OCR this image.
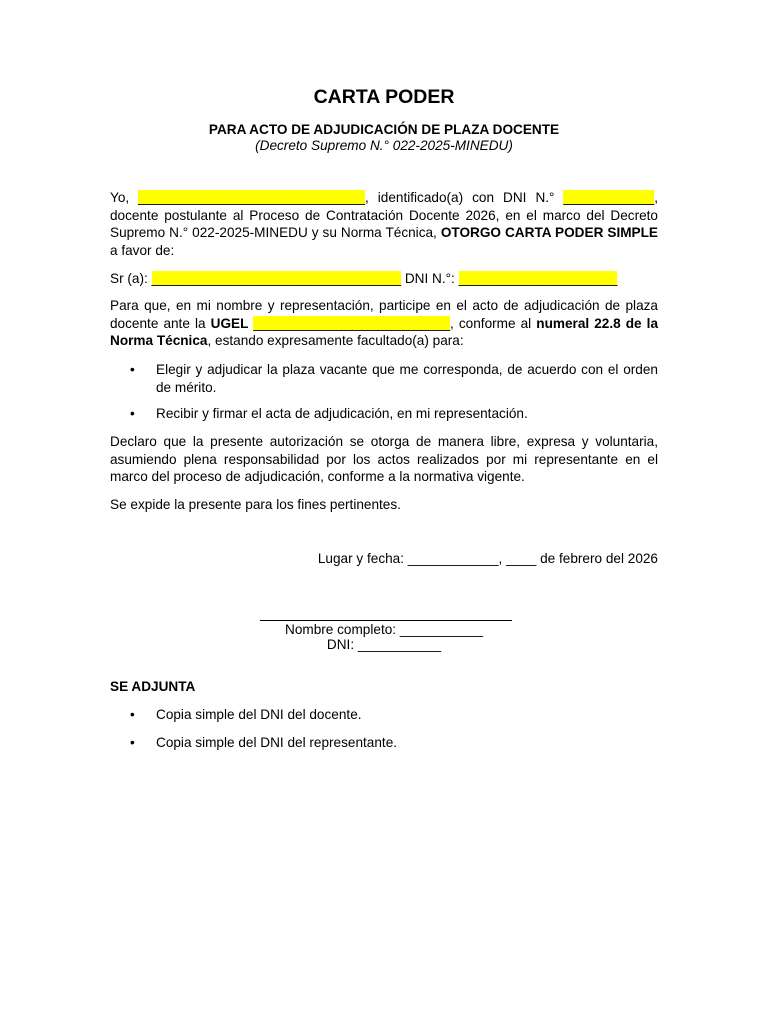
CARTA PODER
PARA ACTO DE ADJUDICACIÓN DE PLAZA DOCENTE
(Decreto Supremo N.° 022-2025-MINEDU)
Yo, ______________________________, identificado(a) con DNI N.° ____________, docente postulante al Proceso de Contratación Docente 2026, en el marco del Decreto Supremo N.° 022-2025-MINEDU y su Norma Técnica, OTORGO CARTA PODER SIMPLE a favor de:
Sr (a): _________________________________ DNI N.°: _____________________
Para que, en mi nombre y representación, participe en el acto de adjudicación de plaza docente ante la UGEL __________________________, conforme al numeral 22.8 de la Norma Técnica, estando expresamente facultado(a) para:
• Elegir y adjudicar la plaza vacante que me corresponda, de acuerdo con el orden de mérito.
• Recibir y firmar el acta de adjudicación, en mi representación.
Declaro que la presente autorización se otorga de manera libre, expresa y voluntaria, asumiendo plena responsabilidad por los actos realizados por mi representante en el marco del proceso de adjudicación, conforme a la normativa vigente.
Se expide la presente para los fines pertinentes.
Lugar y fecha: ____________, ____ de febrero del 2026
Nombre completo: ___________
DNI: ___________
SE ADJUNTA
• Copia simple del DNI del docente.
• Copia simple del DNI del representante.
